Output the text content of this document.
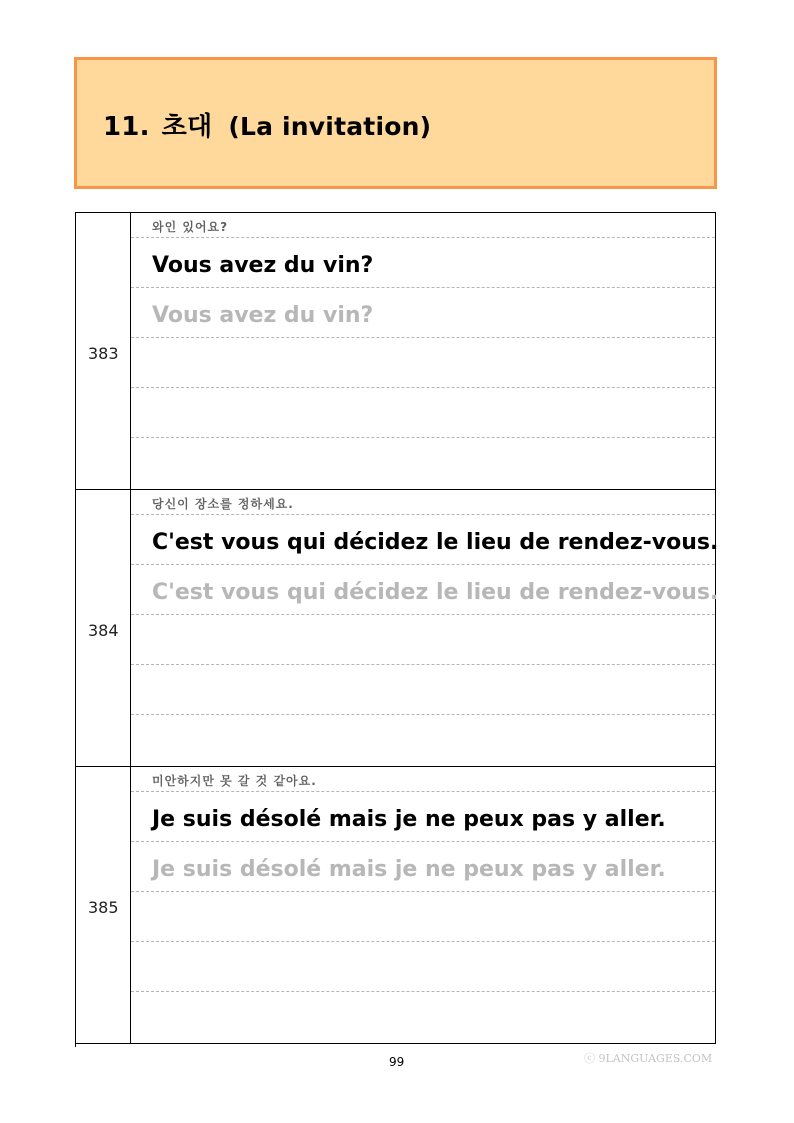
11. 초대 (La invitation)
383
와인 있어요?
Vous avez du vin?
Vous avez du vin?
384
당신이 장소를 정하세요.
C'est vous qui décidez le lieu de rendez-vous.
C'est vous qui décidez le lieu de rendez-vous.
385
미안하지만 못 갈 것 같아요.
Je suis désolé mais je ne peux pas y aller.
Je suis désolé mais je ne peux pas y aller.
99	ⓒ 9LANGUAGES.COM
